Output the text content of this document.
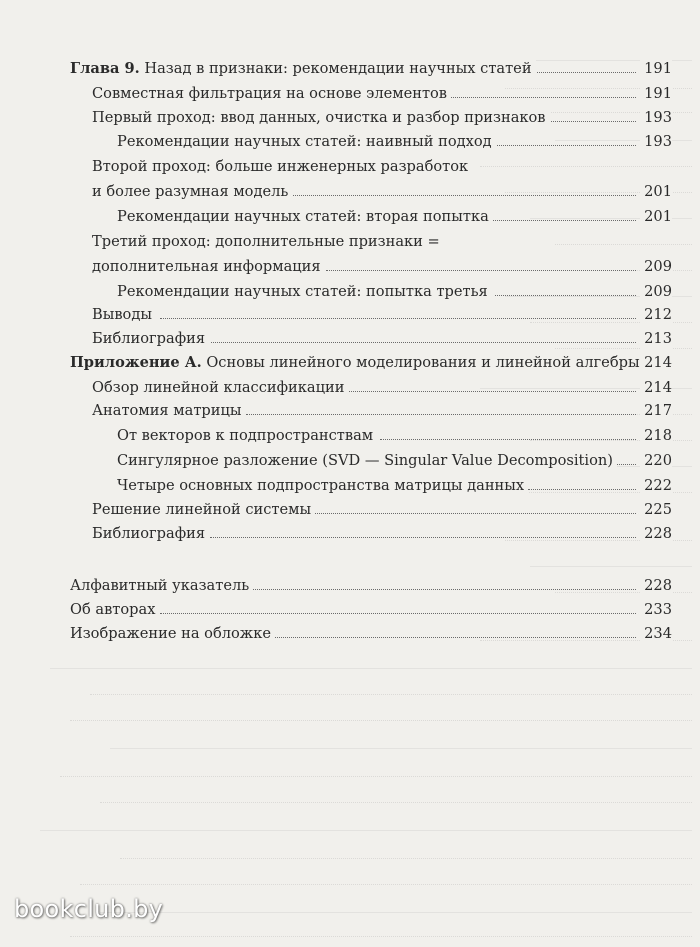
Глава 9. Назад в признаки: рекомендации научных статей	191
Совместная фильтрация на основе элементов	191
Первый проход: ввод данных, очистка и разбор признаков	193
Рекомендации научных статей: наивный подход	193
Второй проход: больше инженерных разработок
и более разумная модель	201
Рекомендации научных статей: вторая попытка	201
Третий проход: дополнительные признаки =
дополнительная информация	209
Рекомендации научных статей: попытка третья	209
Выводы	212
Библиография	213
Приложение А. Основы линейного моделирования и линейной алгебры 214
Обзор линейной классификации	214
Анатомия матрицы	217
От векторов к подпространствам	218
Сингулярное разложение (SVD — Singular Value Decomposition) 220
Четыре основных подпространства матрицы данных	222
Решение линейной системы	225
Библиография	228
Алфавитный указатель	228
Об авторах	233
Изображение на обложке	234
bookclub.by
